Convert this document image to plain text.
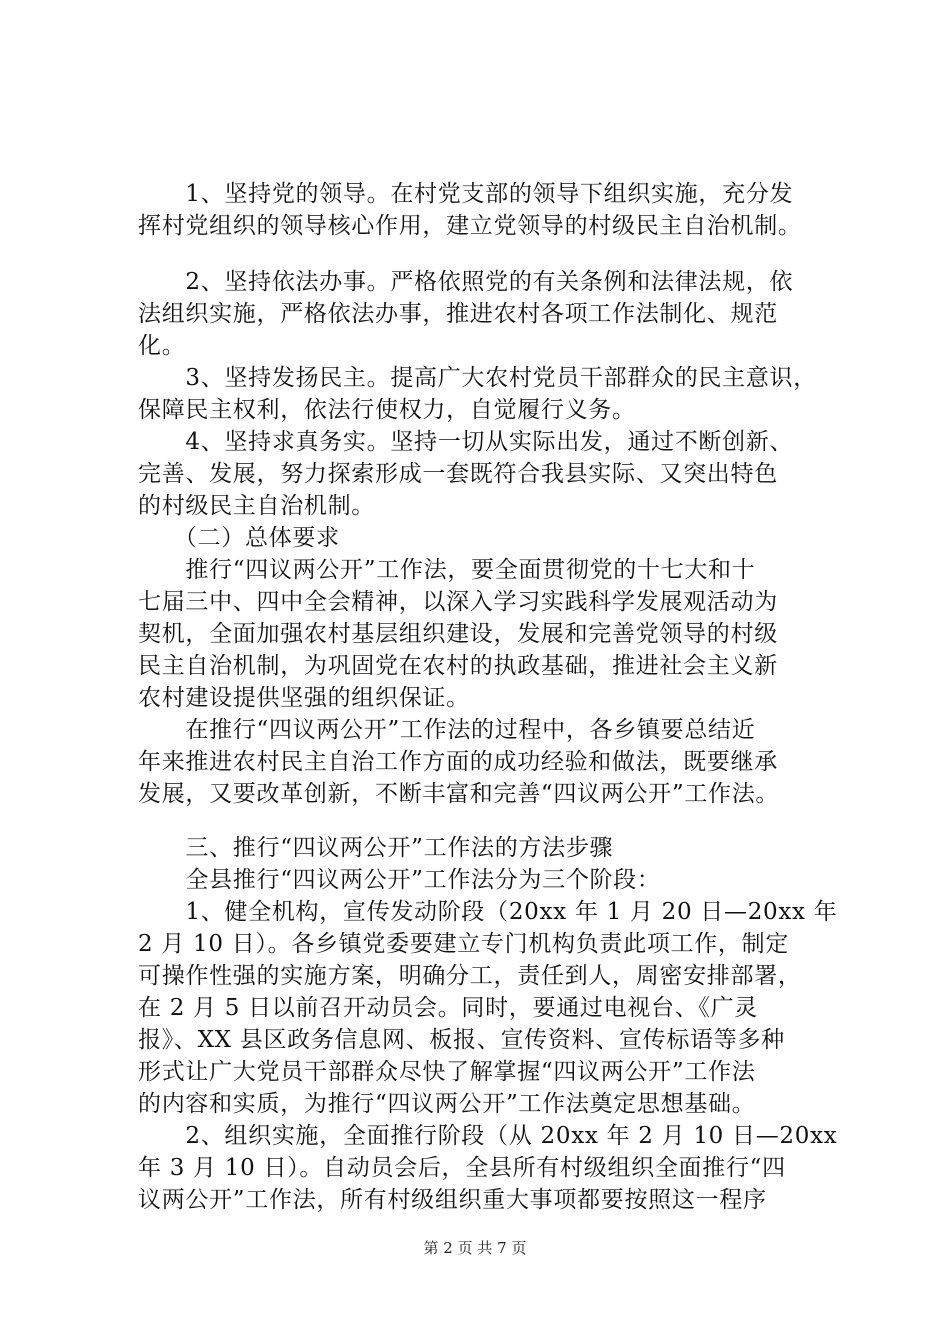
　　1、坚持党的领导。在村党支部的领导下组织实施，充分发
挥村党组织的领导核心作用，建立党领导的村级民主自治机制。
　　2、坚持依法办事。严格依照党的有关条例和法律法规，依
法组织实施，严格依法办事，推进农村各项工作法制化、规范
化。
　　3、坚持发扬民主。提高广大农村党员干部群众的民主意识，
保障民主权利，依法行使权力，自觉履行义务。
　　4、坚持求真务实。坚持一切从实际出发，通过不断创新、
完善、发展，努力探索形成一套既符合我县实际、又突出特色
的村级民主自治机制。
　　（二）总体要求
　　推行“四议两公开”工作法，要全面贯彻党的十七大和十
七届三中、四中全会精神，以深入学习实践科学发展观活动为
契机，全面加强农村基层组织建设，发展和完善党领导的村级
民主自治机制，为巩固党在农村的执政基础，推进社会主义新
农村建设提供坚强的组织保证。
　　在推行“四议两公开”工作法的过程中，各乡镇要总结近
年来推进农村民主自治工作方面的成功经验和做法，既要继承
发展，又要改革创新，不断丰富和完善“四议两公开”工作法。
　　三、推行“四议两公开”工作法的方法步骤
　　全县推行“四议两公开”工作法分为三个阶段：
　　1、健全机构，宣传发动阶段（20xx 年 1 月 20 日—20xx 年
2 月 10 日）。各乡镇党委要建立专门机构负责此项工作，制定
可操作性强的实施方案，明确分工，责任到人，周密安排部署，
在 2 月 5 日以前召开动员会。同时，要通过电视台、《广灵
报》、XX 县区政务信息网、板报、宣传资料、宣传标语等多种
形式让广大党员干部群众尽快了解掌握“四议两公开”工作法
的内容和实质，为推行“四议两公开”工作法奠定思想基础。
　　2、组织实施，全面推行阶段（从 20xx 年 2 月 10 日—20xx
年 3 月 10 日）。自动员会后，全县所有村级组织全面推行“四
议两公开”工作法，所有村级组织重大事项都要按照这一程序
第 2 页 共 7 页
